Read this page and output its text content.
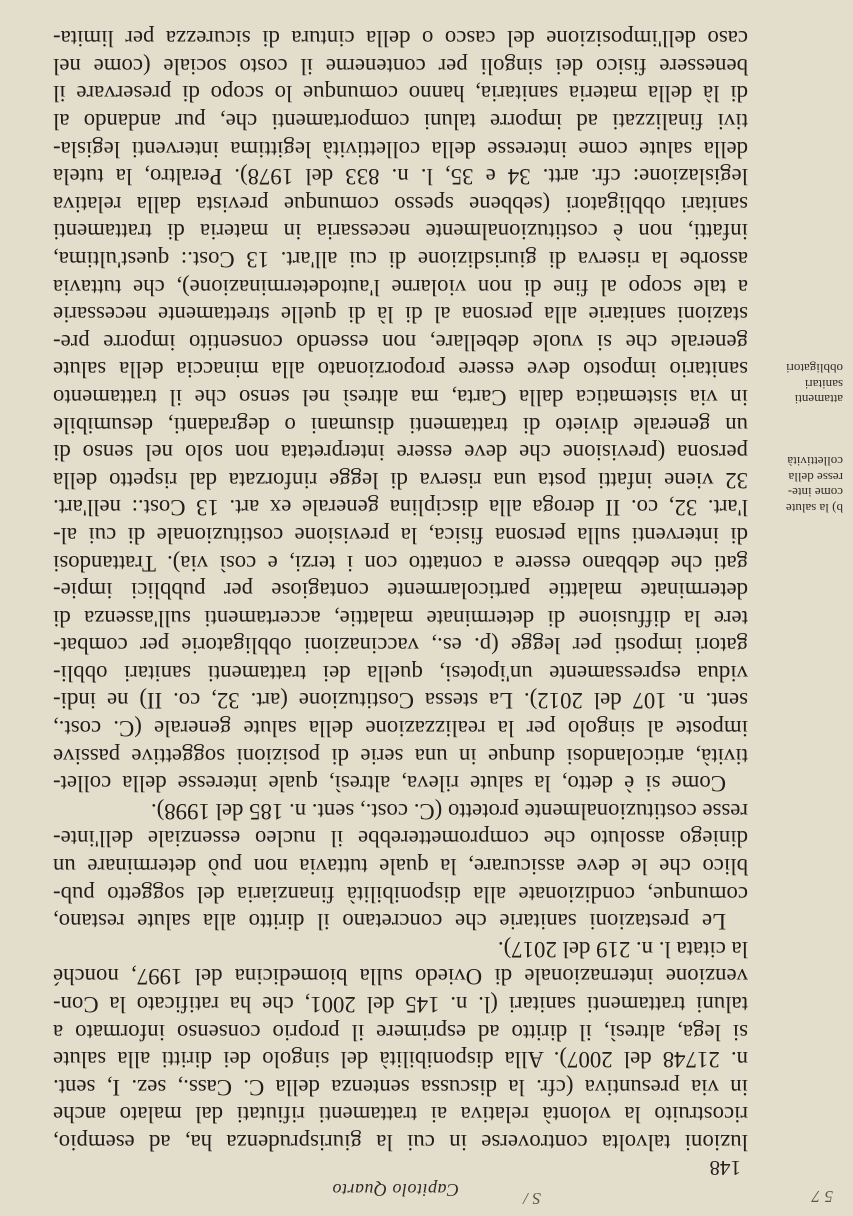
5 7
S /
Capitolo Quarto
148
b) la salute
come inte-
resse della
collettività
attamenti
sanitari
obbligatori
luzioni talvolta controverse in cui la giurisprudenza ha, ad esempio,
ricostruito la volontà relativa ai trattamenti rifiutati dal malato anche
in via presuntiva (cfr. la discussa sentenza della C. Cass., sez. I, sent.
n. 21748 del 2007). Alla disponibilità del singolo dei diritti alla salute
si lega, altresì, il diritto ad esprimere il proprio consenso informato a
taluni trattamenti sanitari (l. n. 145 del 2001, che ha ratificato la Con-
venzione internazionale di Oviedo sulla biomedicina del 1997, nonché
la citata l. n. 219 del 2017).
Le prestazioni sanitarie che concretano il diritto alla salute restano,
comunque, condizionate alla disponibilità finanziaria del soggetto pub-
blico che le deve assicurare, la quale tuttavia non può determinare un
diniego assoluto che comprometterebbe il nucleo essenziale dell'inte-
resse costituzionalmente protetto (C. cost., sent. n. 185 del 1998).
Come si è detto, la salute rileva, altresì, quale interesse della collet-
tività, articolandosi dunque in una serie di posizioni soggettive passive
imposte al singolo per la realizzazione della salute generale (C. cost.,
sent. n. 107 del 2012). La stessa Costituzione (art. 32, co. II) ne indi-
vidua espressamente un'ipotesi, quella dei trattamenti sanitari obbli-
gatori imposti per legge (p. es., vaccinazioni obbligatorie per combat-
tere la diffusione di determinate malattie, accertamenti sull'assenza di
determinate malattie particolarmente contagiose per pubblici impie-
gati che debbano essere a contatto con i terzi, e così via). Trattandosi
di interventi sulla persona fisica, la previsione costituzionale di cui al-
l'art. 32, co. II deroga alla disciplina generale ex art. 13 Cost.: nell'art.
32 viene infatti posta una riserva di legge rinforzata dal rispetto della
persona (previsione che deve essere interpretata non solo nel senso di
un generale divieto di trattamenti disumani o degradanti, desumibile
in via sistematica dalla Carta, ma altresì nel senso che il trattamento
sanitario imposto deve essere proporzionato alla minaccia della salute
generale che si vuole debellare, non essendo consentito imporre pre-
stazioni sanitarie alla persona al di là di quelle strettamente necessarie
a tale scopo al fine di non violarne l'autodeterminazione), che tuttavia
assorbe la riserva di giurisdizione di cui all'art. 13 Cost.: quest'ultima,
infatti, non è costituzionalmente necessaria in materia di trattamenti
sanitari obbligatori (sebbene spesso comunque prevista dalla relativa
legislazione: cfr. artt. 34 e 35, l. n. 833 del 1978). Peraltro, la tutela
della salute come interesse della collettività legittima interventi legisla-
tivi finalizzati ad imporre taluni comportamenti che, pur andando al
di là della materia sanitaria, hanno comunque lo scopo di preservare il
benessere fisico dei singoli per contenerne il costo sociale (come nel
caso dell'imposizione del casco o della cintura di sicurezza per limita-
